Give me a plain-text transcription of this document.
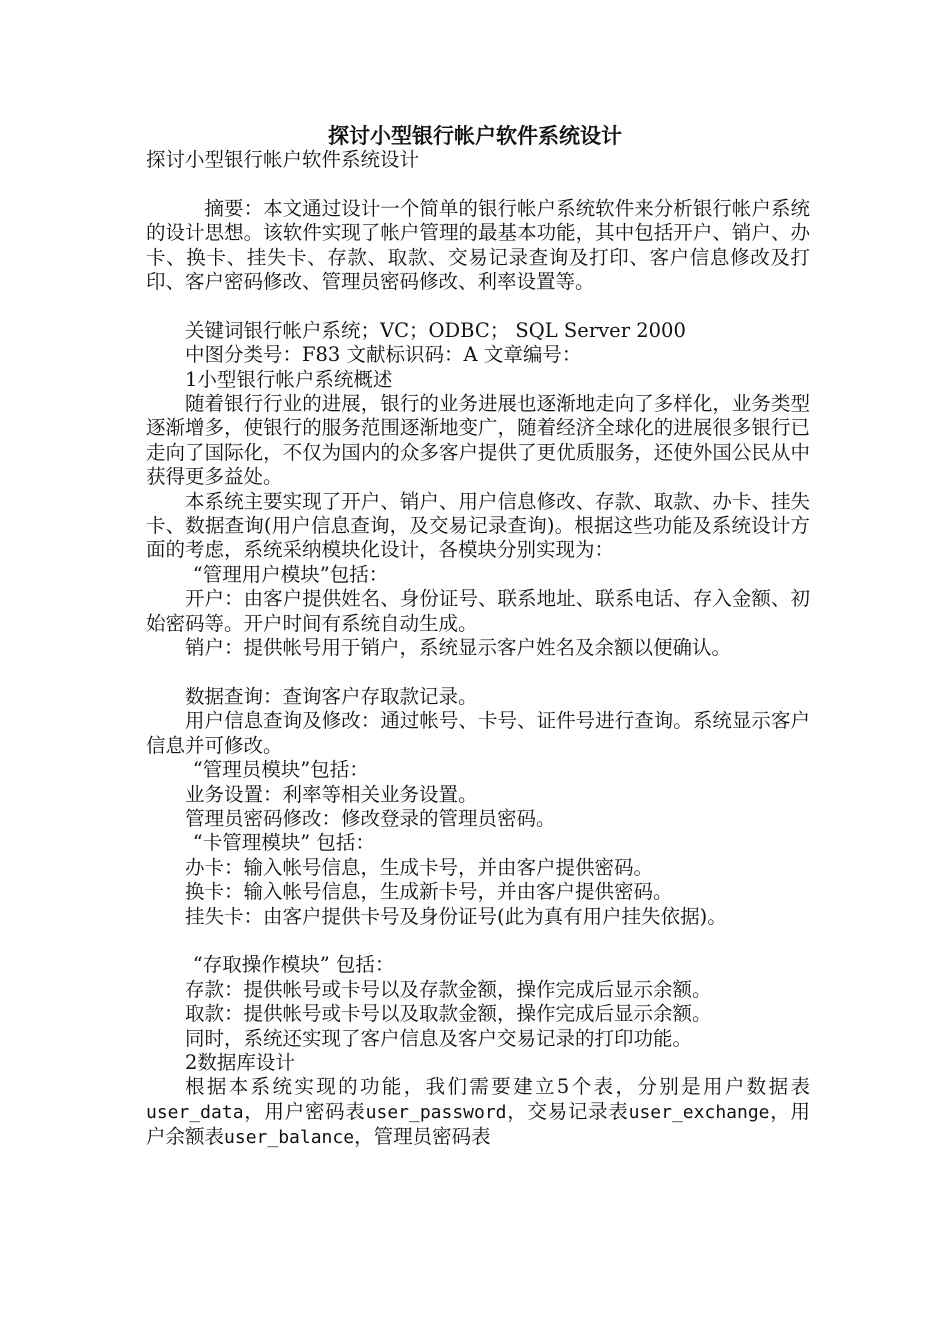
探讨小型银行帐户软件系统设计

探讨小型银行帐户软件系统设计

摘要：本文通过设计一个简单的银行帐户系统软件来分析银行帐户系统的设计思想。该软件实现了帐户管理的最基本功能，其中包括开户、销户、办卡、换卡、挂失卡、存款、取款、交易记录查询及打印、客户信息修改及打印、客户密码修改、管理员密码修改、利率设置等。

关键词银行帐户系统；VC；ODBC； SQL Server 2000

中图分类号：F83 文献标识码：A 文章编号：

1小型银行帐户系统概述

随着银行行业的进展，银行的业务进展也逐渐地走向了多样化，业务类型逐渐增多，使银行的服务范围逐渐地变广，随着经济全球化的进展很多银行已走向了国际化，不仅为国内的众多客户提供了更优质服务，还使外国公民从中获得更多益处。

本系统主要实现了开户、销户、用户信息修改、存款、取款、办卡、挂失卡、数据查询(用户信息查询，及交易记录查询)。根据这些功能及系统设计方面的考虑，系统采纳模块化设计，各模块分别实现为：

“管理用户模块”包括：

开户：由客户提供姓名、身份证号、联系地址、联系电话、存入金额、初始密码等。开户时间有系统自动生成。

销户：提供帐号用于销户，系统显示客户姓名及余额以便确认。

数据查询：查询客户存取款记录。

用户信息查询及修改：通过帐号、卡号、证件号进行查询。系统显示客户信息并可修改。

“管理员模块”包括：

业务设置：利率等相关业务设置。

管理员密码修改：修改登录的管理员密码。

“卡管理模块” 包括：

办卡：输入帐号信息，生成卡号，并由客户提供密码。

换卡：输入帐号信息，生成新卡号，并由客户提供密码。

挂失卡：由客户提供卡号及身份证号(此为真有用户挂失依据)。

“存取操作模块” 包括：

存款：提供帐号或卡号以及存款金额，操作完成后显示余额。

取款：提供帐号或卡号以及取款金额，操作完成后显示余额。

同时，系统还实现了客户信息及客户交易记录的打印功能。

2数据库设计

根据本系统实现的功能，我们需要建立5个表，分别是用户数据表user_data，用户密码表user_password，交易记录表user_exchange，用户余额表user_balance，管理员密码表
